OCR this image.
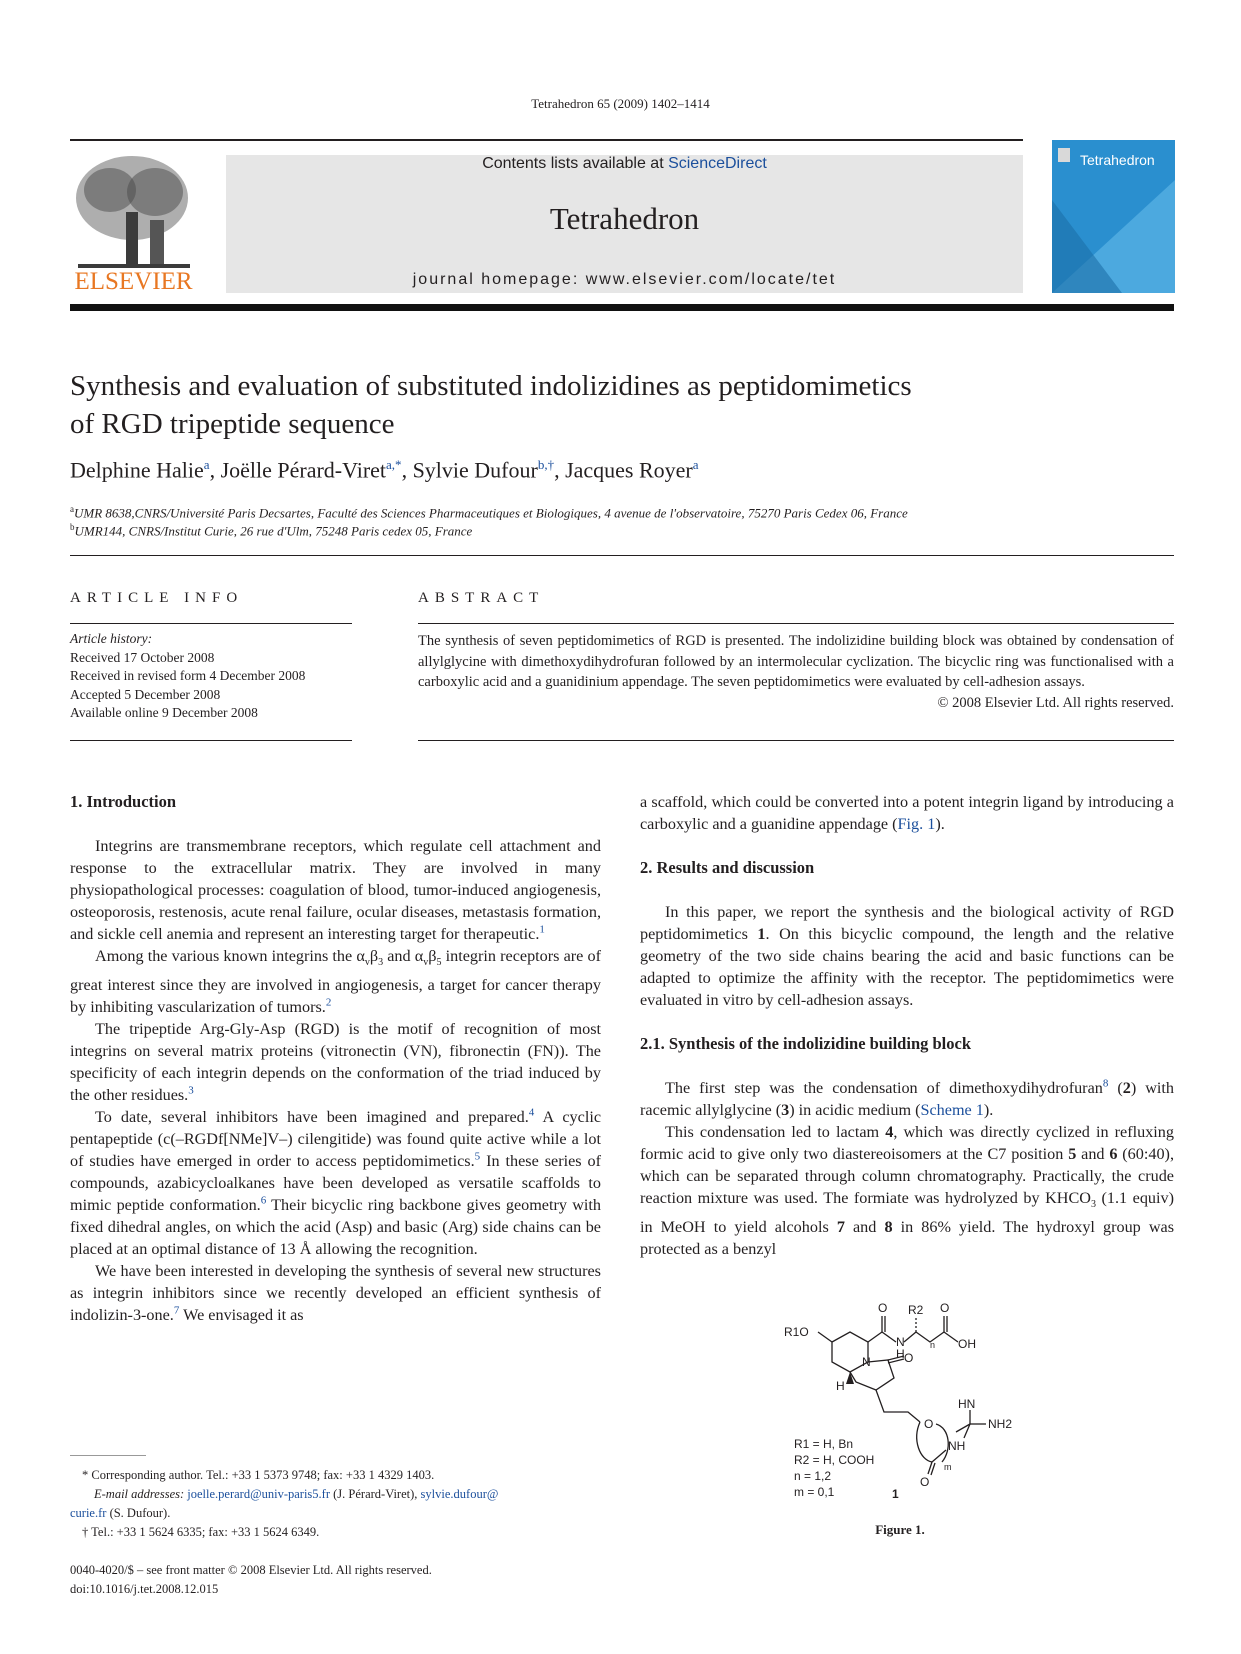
Tetrahedron 65 (2009) 1402–1414
ELSEVIER
Contents lists available at ScienceDirect
Tetrahedron
journal homepage: www.elsevier.com/locate/tet
Tetrahedron
Synthesis and evaluation of substituted indolizidines as peptidomimetics
of RGD tripeptide sequence
Delphine Halie$^a$, Joëlle Pérard-Viret$^{a,*}$, Sylvie Dufour$^{b,\dagger}$, Jacques Royer$^a$
$^a$UMR 8638,CNRS/Université Paris Decsartes, Faculté des Sciences Pharmaceutiques et Biologiques, 4 avenue de l'observatoire, 75270 Paris Cedex 06, France
$^b$UMR144, CNRS/Institut Curie, 26 rue d'Ulm, 75248 Paris cedex 05, France
ARTICLE INFO
Article history:
Received 17 October 2008
Received in revised form 4 December 2008
Accepted 5 December 2008
Available online 9 December 2008
ABSTRACT
The synthesis of seven peptidomimetics of RGD is presented. The indolizidine building block was obtained by condensation of allylglycine with dimethoxydihydrofuran followed by an intermolecular cyclization. The bicyclic ring was functionalised with a carboxylic acid and a guanidinium appendage. The seven peptidomimetics were evaluated by cell-adhesion assays.
© 2008 Elsevier Ltd. All rights reserved.
1. Introduction

Integrins are transmembrane receptors, which regulate cell attachment and response to the extracellular matrix. They are involved in many physiopathological processes: coagulation of blood, tumor-induced angiogenesis, osteoporosis, restenosis, acute renal failure, ocular diseases, metastasis formation, and sickle cell anemia and represent an interesting target for therapeutic.$^1$

Among the various known integrins the $\alpha_v\beta_3$ and $\alpha_v\beta_5$ integrin receptors are of great interest since they are involved in angiogenesis, a target for cancer therapy by inhibiting vascularization of tumors.$^2$

The tripeptide Arg-Gly-Asp (RGD) is the motif of recognition of most integrins on several matrix proteins (vitronectin (VN), fibronectin (FN)). The specificity of each integrin depends on the conformation of the triad induced by the other residues.$^3$

To date, several inhibitors have been imagined and prepared.$^4$ A cyclic pentapeptide (c(–RGDf[NMe]V–) cilengitide) was found quite active while a lot of studies have emerged in order to access peptidomimetics.$^5$ In these series of compounds, azabicycloalkanes have been developed as versatile scaffolds to mimic peptide conformation.$^6$ Their bicyclic ring backbone gives geometry with fixed dihedral angles, on which the acid (Asp) and basic (Arg) side chains can be placed at an optimal distance of 13 Å allowing the recognition.

We have been interested in developing the synthesis of several new structures as integrin inhibitors since we recently developed an efficient synthesis of indolizin-3-one.$^7$ We envisaged it as

* Corresponding author. Tel.: +33 1 5373 9748; fax: +33 1 4329 1403.
E-mail addresses: joelle.perard@univ-paris5.fr (J. Pérard-Viret), sylvie.dufour@
curie.fr (S. Dufour).
† Tel.: +33 1 5624 6335; fax: +33 1 5624 6349.
0040-4020/$ – see front matter © 2008 Elsevier Ltd. All rights reserved.
doi:10.1016/j.tet.2008.12.015

a scaffold, which could be converted into a potent integrin ligand by introducing a carboxylic and a guanidine appendage (Fig. 1).

2. Results and discussion

In this paper, we report the synthesis and the biological activity of RGD peptidomimetics 1. On this bicyclic compound, the length and the relative geometry of the two side chains bearing the acid and basic functions can be adapted to optimize the affinity with the receptor. The peptidomimetics were evaluated in vitro by cell-adhesion assays.

2.1. Synthesis of the indolizidine building block

The first step was the condensation of dimethoxydihydrofuran$^8$ (2) with racemic allylglycine (3) in acidic medium (Scheme 1).

This condensation led to lactam 4, which was directly cyclized in refluxing formic acid to give only two diastereoisomers at the C7 position 5 and 6 (60:40), which can be separated through column chromatography. Practically, the crude reaction mixture was used. The formiate was hydrolyzed by $KHCO_3$ (1.1 equiv) in MeOH to yield alcohols 7 and 8 in 86% yield. The hydroxyl group was protected as a benzyl

R1O
O R2 O
OH
N
H
n
N	O
H
HN
NH2
O
O
m
NH
R1 = H, Bn
R2 = H, COOH
n = 1,2
m = 0,1	1
Figure 1.
